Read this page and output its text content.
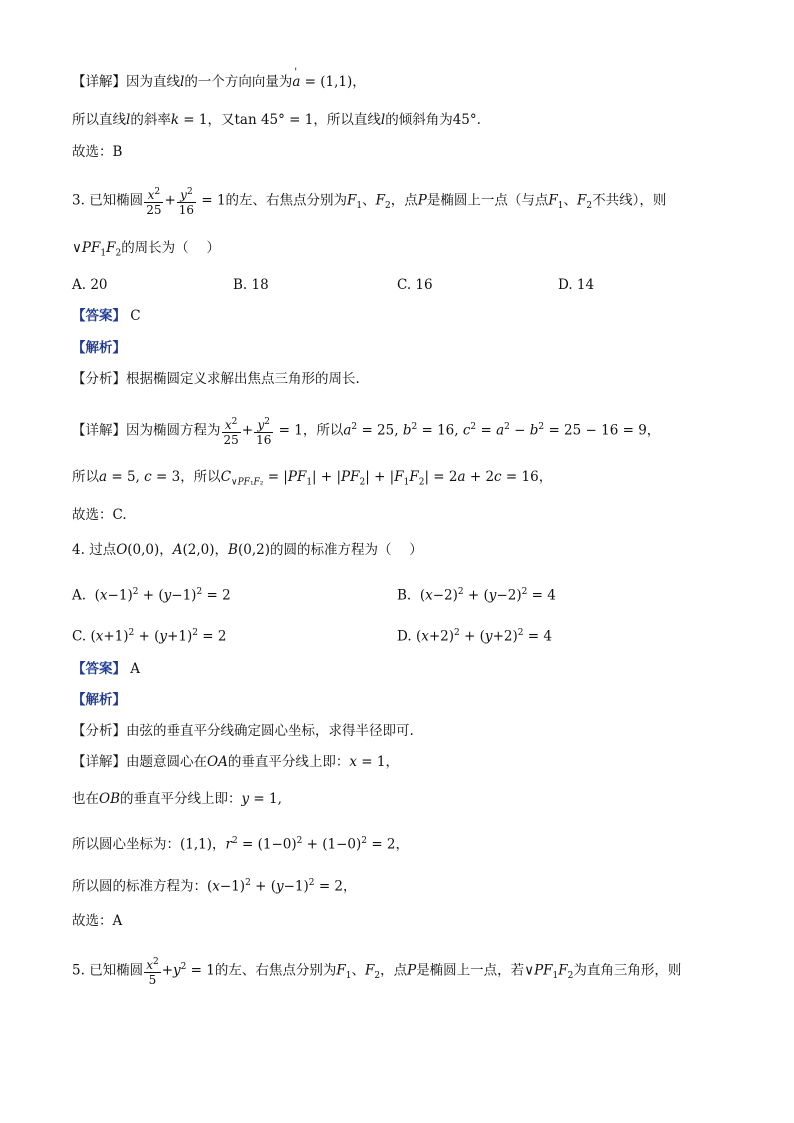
【详解】因为直线l的一个方向向量为' a = (1,1)，
所以直线l的斜率k = 1，又tan 45° = 1，所以直线l的倾斜角为45°.
故选：B
3. 已知椭圆 $\frac{x^2}{25} + \frac{y^2}{16} = 1$的左、右焦点分别为$F_1$、$F_2$，点P是椭圆上一点（与点$F_1$、$F_2$不共线），则
$\vee PF_1F_2$的周长为（　 ）
A. 20	B. 18	C. 16	D. 14
【答案】 C
【解析】
【分析】根据椭圆定义求解出焦点三角形的周长.
【详解】因为椭圆方程为 $\frac{x^2}{25} + \frac{y^2}{16} = 1$，所以$a^2 = 25$, $b^2 = 16$, $c^2 = a^2 - b^2 = 25 - 16 = 9$，
所以a = 5, c = 3，所以$C_{\vee PF_1F_2} = |PF_1| + |PF_2| + |F_1F_2| = 2a + 2c = 16$，
故选：C.
4. 过点O(0,0)，A(2,0)，B(0,2)的圆的标准方程为（　 ）
A. $(x-1)^2 + (y-1)^2 = 2$	B. $(x-2)^2 + (y-2)^2 = 4$
C. $(x+1)^2 + (y+1)^2 = 2$	D. $(x+2)^2 + (y+2)^2 = 4$
【答案】 A
【解析】
【分析】由弦的垂直平分线确定圆心坐标，求得半径即可.
【详解】由题意圆心在OA的垂直平分线上即：x = 1，
也在OB的垂直平分线上即：y = 1,
所以圆心坐标为：(1,1)，$r^2 = (1-0)^2 + (1-0)^2 = 2$，
所以圆的标准方程为：$(x-1)^2 + (y-1)^2 = 2$，
故选：A
5. 已知椭圆 $\frac{x^2}{5} +y^2 = 1$的左、右焦点分别为$F_1$、$F_2$，点P是椭圆上一点，若$\vee PF_1F_2$为直角三角形，则
